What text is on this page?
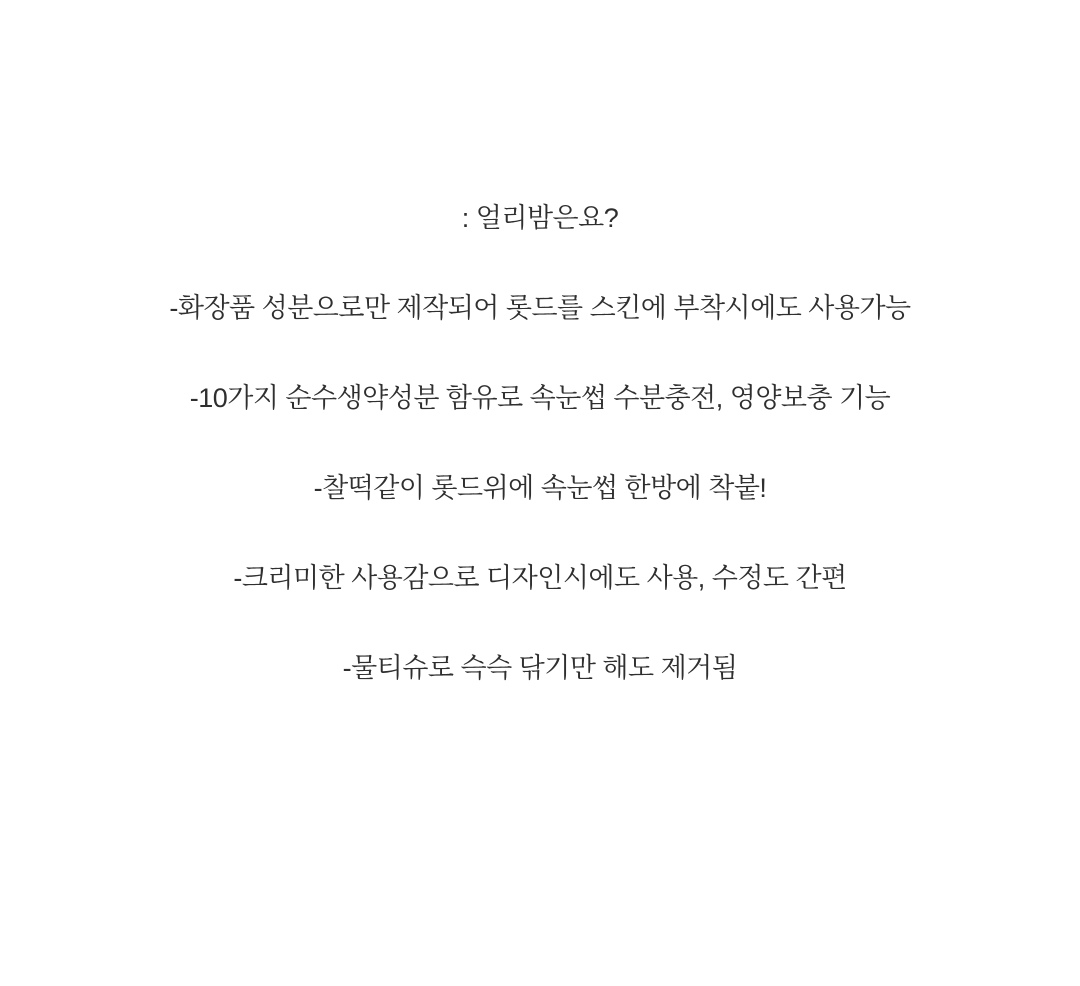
: 얼리밤은요?

-화장품 성분으로만 제작되어 롯드를 스킨에 부착시에도 사용가능

-10가지 순수생약성분 함유로 속눈썹 수분충전, 영양보충 기능

-찰떡같이 롯드위에 속눈썹 한방에 착붙!

-크리미한 사용감으로 디자인시에도 사용, 수정도 간편

-물티슈로 슥슥 닦기만 해도 제거됨
